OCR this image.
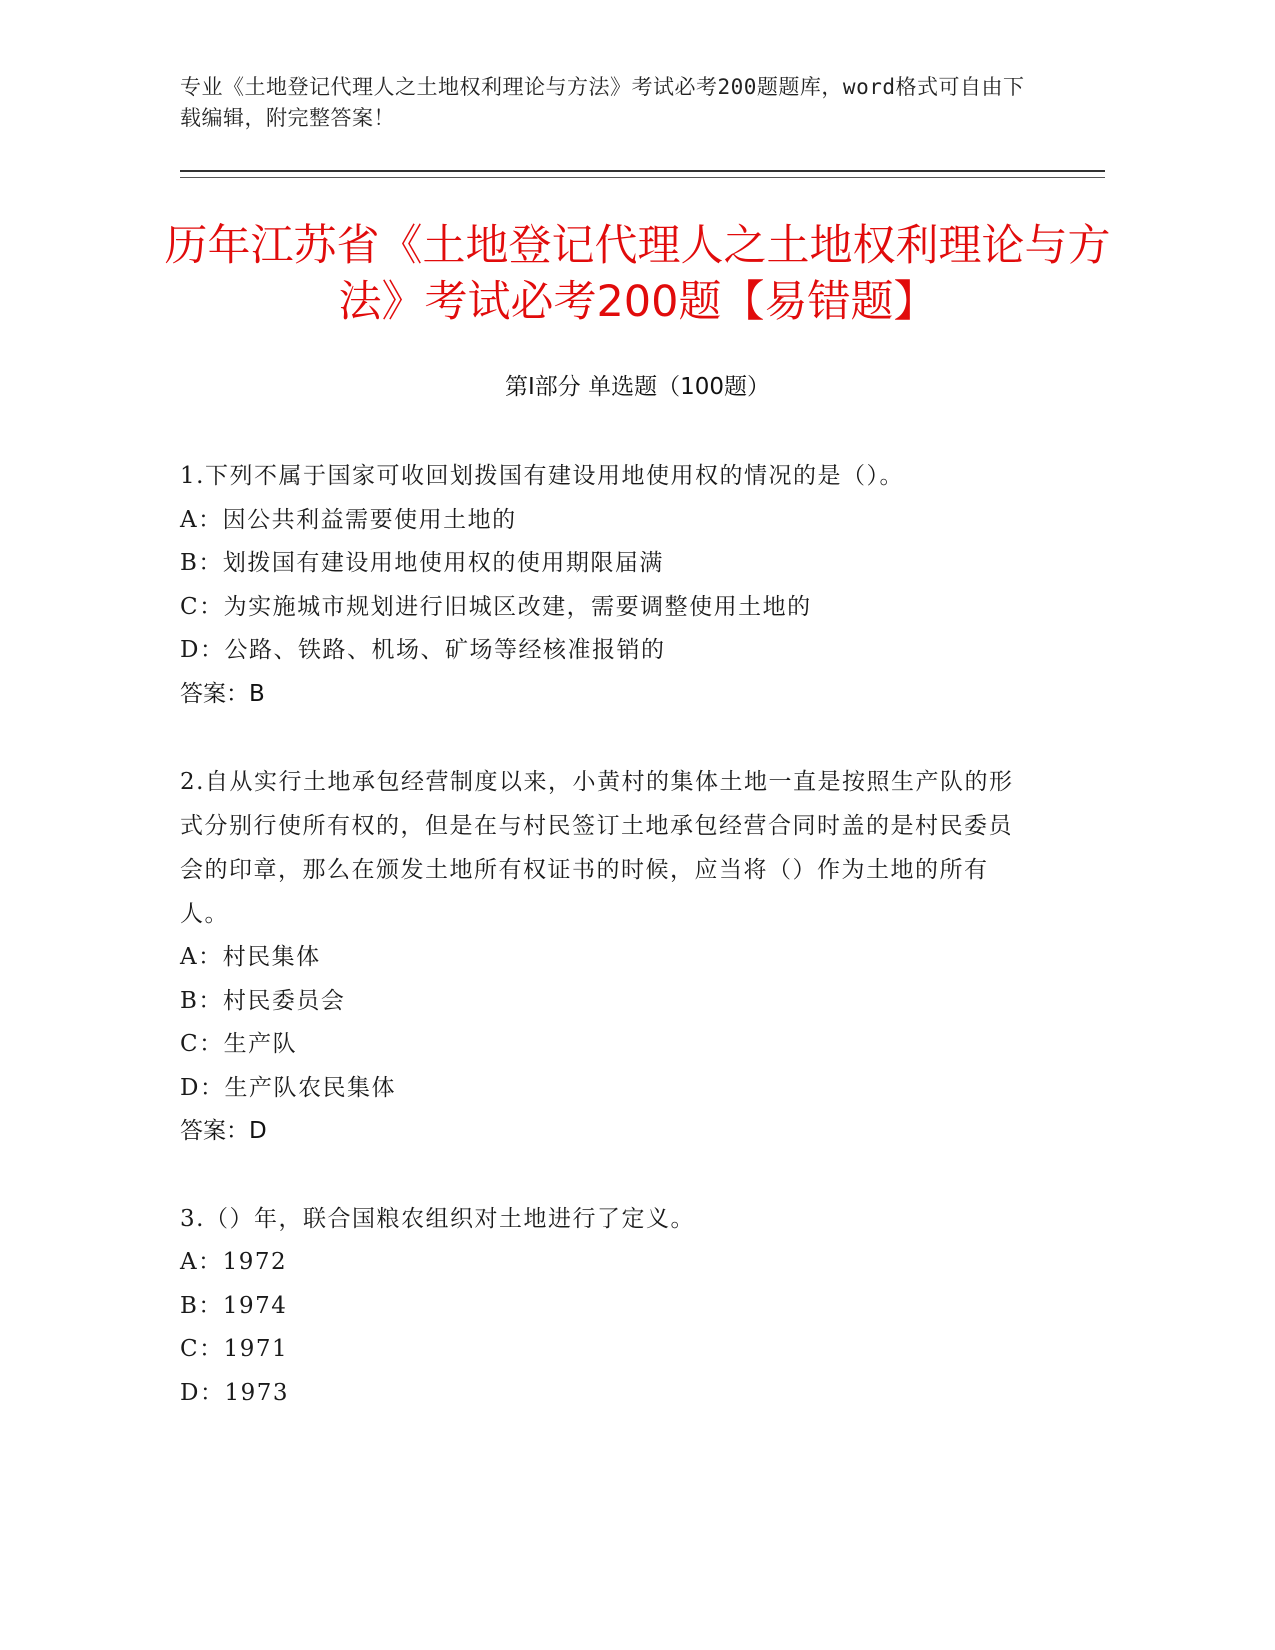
专业《土地登记代理人之土地权利理论与方法》考试必考200题题库，word格式可自由下载编辑，附完整答案！
历年江苏省《土地登记代理人之土地权利理论与方法》考试必考200题【易错题】
第I部分 单选题（100题）
1.下列不属于国家可收回划拨国有建设用地使用权的情况的是（）。
A：因公共利益需要使用土地的
B：划拨国有建设用地使用权的使用期限届满
C：为实施城市规划进行旧城区改建，需要调整使用土地的
D：公路、铁路、机场、矿场等经核准报销的
答案：B
2.自从实行土地承包经营制度以来，小黄村的集体土地一直是按照生产队的形式分别行使所有权的，但是在与村民签订土地承包经营合同时盖的是村民委员会的印章，那么在颁发土地所有权证书的时候，应当将（）作为土地的所有人。
A：村民集体
B：村民委员会
C：生产队
D：生产队农民集体
答案：D
3.（）年，联合国粮农组织对土地进行了定义。
A：1972
B：1974
C：1971
D：1973
